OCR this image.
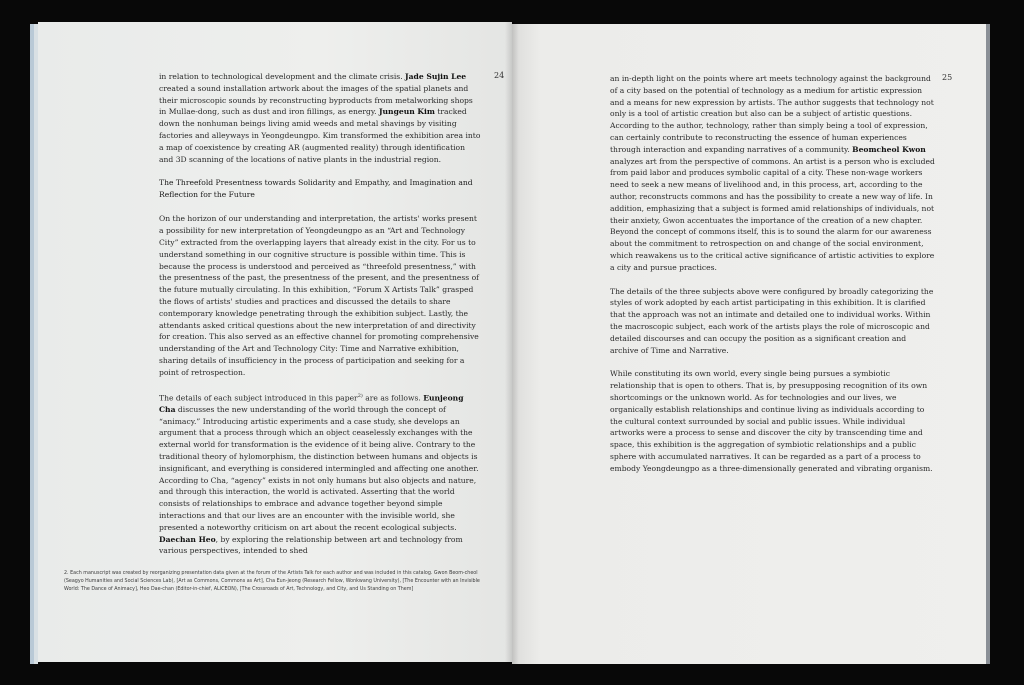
24

in relation to technological development and the climate crisis. Jade Sujin Lee created a sound installation artwork about the images of the spatial planets and their microscopic sounds by reconstructing byproducts from metalworking shops in Mullae-dong, such as dust and iron fillings, as energy. Jungeun Kim tracked down the nonhuman beings living amid weeds and metal shavings by visiting factories and alleyways in Yeongdeungpo. Kim transformed the exhibition area into a map of coexistence by creating AR (augmented reality) through identification and 3D scanning of the locations of native plants in the industrial region.

The Threefold Presentness towards Solidarity and Empathy, and Imagination and Reflection for the Future

On the horizon of our understanding and interpretation, the artists' works present a possibility for new interpretation of Yeongdeungpo as an “Art and Technology City” extracted from the overlapping layers that already exist in the city. For us to understand something in our cognitive structure is possible within time. This is because the process is understood and perceived as “threefold presentness,” with the presentness of the past, the presentness of the present, and the presentness of the future mutually circulating. In this exhibition, “Forum X Artists Talk” grasped the flows of artists' studies and practices and discussed the details to share contemporary knowledge penetrating through the exhibition subject. Lastly, the attendants asked critical questions about the new interpretation of and directivity for creation. This also served as an effective channel for promoting comprehensive understanding of the Art and Technology City: Time and Narrative exhibition, sharing details of insufficiency in the process of participation and seeking for a point of retrospection.

The details of each subject introduced in this paper$^{2)}$ are as follows. Eunjeong Cha discusses the new understanding of the world through the concept of “animacy.” Introducing artistic experiments and a case study, she develops an argument that a process through which an object ceaselessly exchanges with the external world for transformation is the evidence of it being alive. Contrary to the traditional theory of hylomorphism, the distinction between humans and objects is insignificant, and everything is considered intermingled and affecting one another. According to Cha, “agency” exists in not only humans but also objects and nature, and through this interaction, the world is activated. Asserting that the world consists of relationships to embrace and advance together beyond simple interactions and that our lives are an encounter with the invisible world, she presented a noteworthy criticism on art about the recent ecological subjects. Daechan Heo, by exploring the relationship between art and technology from various perspectives, intended to shed

2. Each manuscript was created by reorganizing presentation data given at the forum of the Artists Talk for each author and was included in this catalog. Gwon Beom-cheol (Seagyo Humanities and Social Sciences Lab), [Art as Commons, Commons as Art], Cha Eun-jeong (Research Fellow, Wonkwang University), [The Encounter with an Invisible World: The Dance of Animacy], Heo Dae-chan (Editor-in-chief, ALICEON), [The Crossroads of Art, Technology, and City, and Us Standing on Them]
25

an in-depth light on the points where art meets technology against the background of a city based on the potential of technology as a medium for artistic expression and a means for new expression by artists. The author suggests that technology not only is a tool of artistic creation but also can be a subject of artistic questions. According to the author, technology, rather than simply being a tool of expression, can certainly contribute to reconstructing the essence of human experiences through interaction and expanding narratives of a community. Beomcheol Kwon analyzes art from the perspective of commons. An artist is a person who is excluded from paid labor and produces symbolic capital of a city. These non-wage workers need to seek a new means of livelihood and, in this process, art, according to the author, reconstructs commons and has the possibility to create a new way of life. In addition, emphasizing that a subject is formed amid relationships of individuals, not their anxiety, Gwon accentuates the importance of the creation of a new chapter. Beyond the concept of commons itself, this is to sound the alarm for our awareness about the commitment to retrospection on and change of the social environment, which reawakens us to the critical active significance of artistic activities to explore a city and pursue practices.

The details of the three subjects above were configured by broadly categorizing the styles of work adopted by each artist participating in this exhibition. It is clarified that the approach was not an intimate and detailed one to individual works. Within the macroscopic subject, each work of the artists plays the role of microscopic and detailed discourses and can occupy the position as a significant creation and archive of Time and Narrative.

While constituting its own world, every single being pursues a symbiotic relationship that is open to others. That is, by presupposing recognition of its own shortcomings or the unknown world. As for technologies and our lives, we organically establish relationships and continue living as individuals according to the cultural context surrounded by social and public issues. While individual artworks were a process to sense and discover the city by transcending time and space, this exhibition is the aggregation of symbiotic relationships and a public sphere with accumulated narratives. It can be regarded as a part of a process to embody Yeongdeungpo as a three-dimensionally generated and vibrating organism.
